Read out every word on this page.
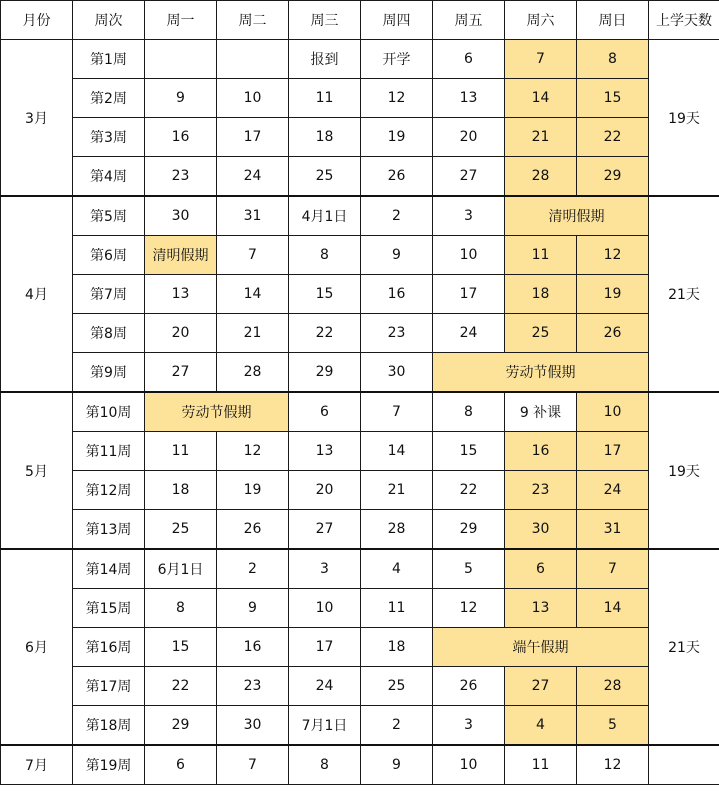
月份	周次	周一	周二	周三	周四	周五	周六	周日	上学天数
3月	第1周			报到	开学	6	7	8	19天
	第2周	9	10	11	12	13	14	15	
	第3周	16	17	18	19	20	21	22	
	第4周	23	24	25	26	27	28	29	
4月	第5周	30	31	4月1日	2	3	清明假期		21天
	第6周	清明假期	7	8	9	10	11	12	
	第7周	13	14	15	16	17	18	19	
	第8周	20	21	22	23	24	25	26	
	第9周	27	28	29	30	劳动节假期			
5月	第10周	劳动节假期		6	7	8	9 补课	10	19天
	第11周	11	12	13	14	15	16	17	
	第12周	18	19	20	21	22	23	24	
	第13周	25	26	27	28	29	30	31	
6月	第14周	6月1日	2	3	4	5	6	7	21天
	第15周	8	9	10	11	12	13	14	
	第16周	15	16	17	18	端午假期			
	第17周	22	23	24	25	26	27	28	
	第18周	29	30	7月1日	2	3	4	5	
7月	第19周	6	7	8	9	10	11	12	
